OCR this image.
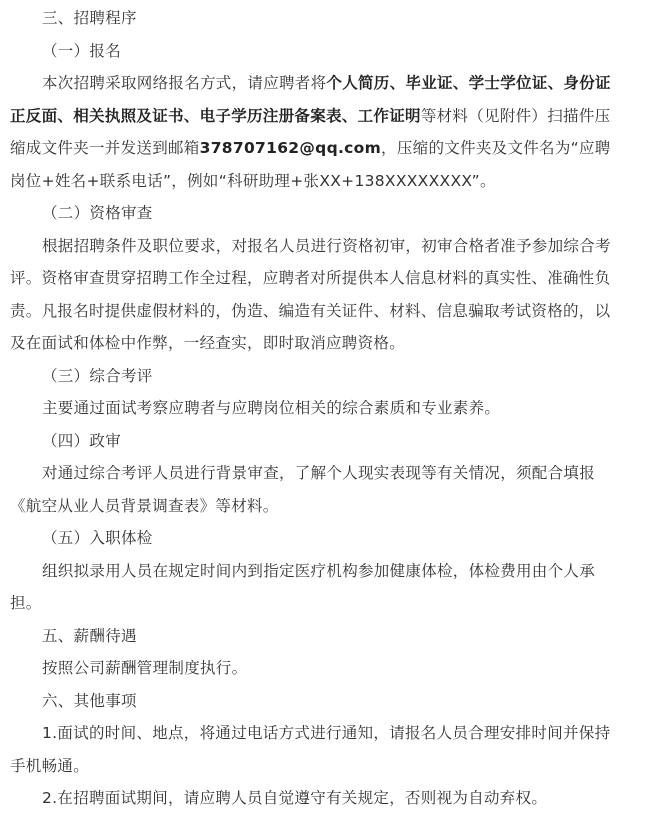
三、招聘程序
（一）报名
本次招聘采取网络报名方式，请应聘者将个人简历、毕业证、学士学位证、身份证
正反面、相关执照及证书、电子学历注册备案表、工作证明等材料（见附件）扫描件压
缩成文件夹一并发送到邮箱378707162@qq.com，压缩的文件夹及文件名为“应聘
岗位+姓名+联系电话”，例如“科研助理+张XX+138XXXXXXXX”。
（二）资格审查
根据招聘条件及职位要求，对报名人员进行资格初审，初审合格者准予参加综合考
评。资格审查贯穿招聘工作全过程，应聘者对所提供本人信息材料的真实性、准确性负
责。凡报名时提供虚假材料的，伪造、编造有关证件、材料、信息骗取考试资格的，以
及在面试和体检中作弊，一经查实，即时取消应聘资格。
（三）综合考评
主要通过面试考察应聘者与应聘岗位相关的综合素质和专业素养。
（四）政审
对通过综合考评人员进行背景审查，了解个人现实表现等有关情况，须配合填报
《航空从业人员背景调查表》等材料。
（五）入职体检
组织拟录用人员在规定时间内到指定医疗机构参加健康体检，体检费用由个人承
担。
五、薪酬待遇
按照公司薪酬管理制度执行。
六、其他事项
1.面试的时间、地点，将通过电话方式进行通知，请报名人员合理安排时间并保持
手机畅通。
2.在招聘面试期间，请应聘人员自觉遵守有关规定，否则视为自动弃权。
